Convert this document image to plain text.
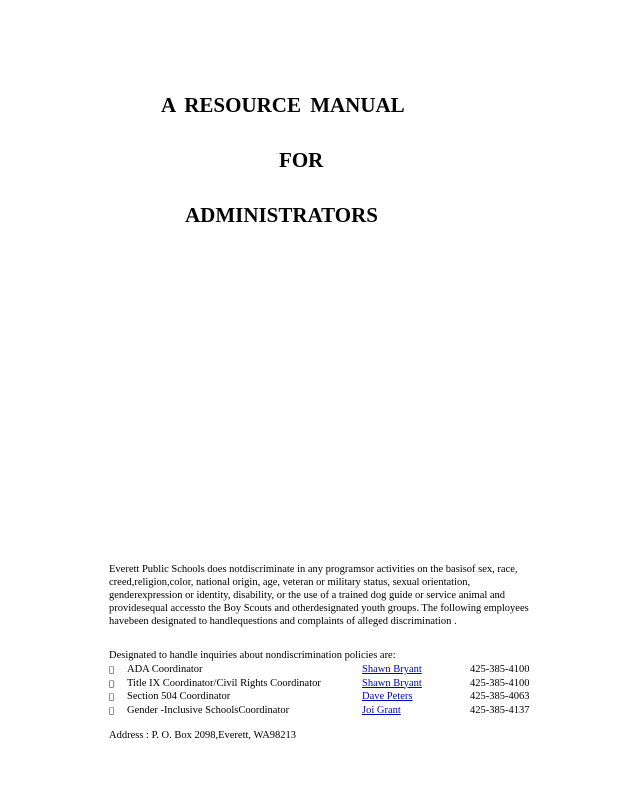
A RESOURCE MANUAL
FOR
ADMINISTRATORS

Everett Public Schools does notdiscriminate in any programsor activities on the basisof sex, race, creed,religion,color, national origin, age, veteran or military status, sexual orientation, genderexpression or identity, disability, or the use of a trained dog guide or service animal and providesequal accessto the Boy Scouts and otherdesignated youth groups. The following employees havebeen designated to handlequestions and complaints of alleged discrimination .

Designated to handle inquiries about nondiscrimination policies are:

ADA Coordinator	Shawn Bryant	425-385-4100
Title IX Coordinator/Civil Rights Coordinator	Shawn Bryant	425-385-4100
Section 504 Coordinator	Dave Peters	425-385-4063
Gender -Inclusive SchoolsCoordinator	Joi Grant	425-385-4137

Address : P. O. Box 2098,Everett, WA98213
